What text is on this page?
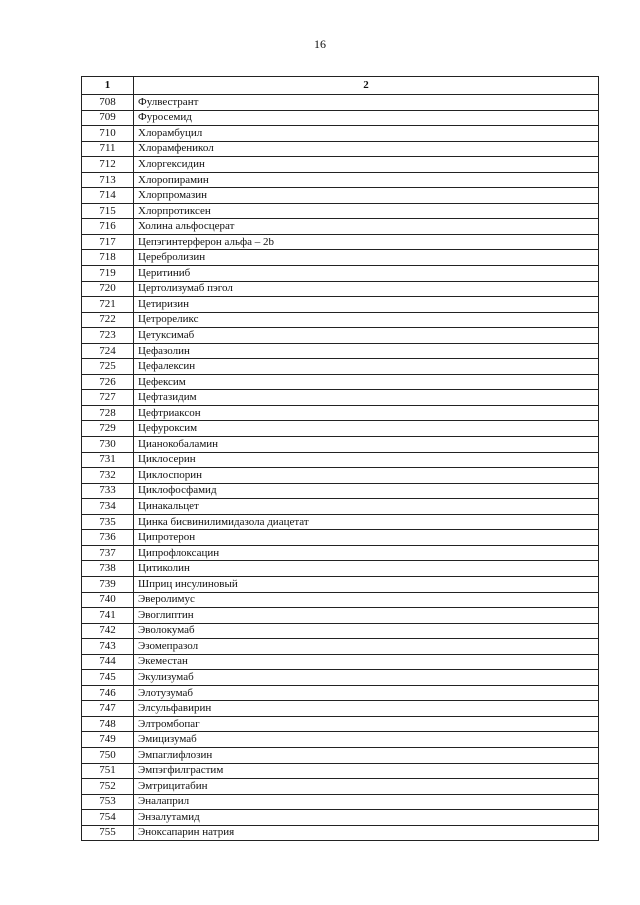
16
1	2
708	Фулвестрант
709	Фуросемид
710	Хлорамбуцил
711	Хлорамфеникол
712	Хлоргексидин
713	Хлоропирамин
714	Хлорпромазин
715	Хлорпротиксен
716	Холина альфосцерат
717	Цепэгинтерферон альфа – 2b
718	Церебролизин
719	Церитиниб
720	Цертолизумаб пэгол
721	Цетиризин
722	Цетрореликс
723	Цетуксимаб
724	Цефазолин
725	Цефалексин
726	Цефексим
727	Цефтазидим
728	Цефтриаксон
729	Цефуроксим
730	Цианокобаламин
731	Циклосерин
732	Циклоспорин
733	Циклофосфамид
734	Цинакальцет
735	Цинка бисвинилимидазола диацетат
736	Ципротерон
737	Ципрофлоксацин
738	Цитиколин
739	Шприц инсулиновый
740	Эверолимус
741	Эвоглиптин
742	Эволокумаб
743	Эзомепразол
744	Экеместан
745	Экулизумаб
746	Элотузумаб
747	Элсульфавирин
748	Элтромбопаг
749	Эмицизумаб
750	Эмпаглифлозин
751	Эмпэгфилграстим
752	Эмтрицитабин
753	Эналаприл
754	Энзалутамид
755	Эноксапарин натрия
